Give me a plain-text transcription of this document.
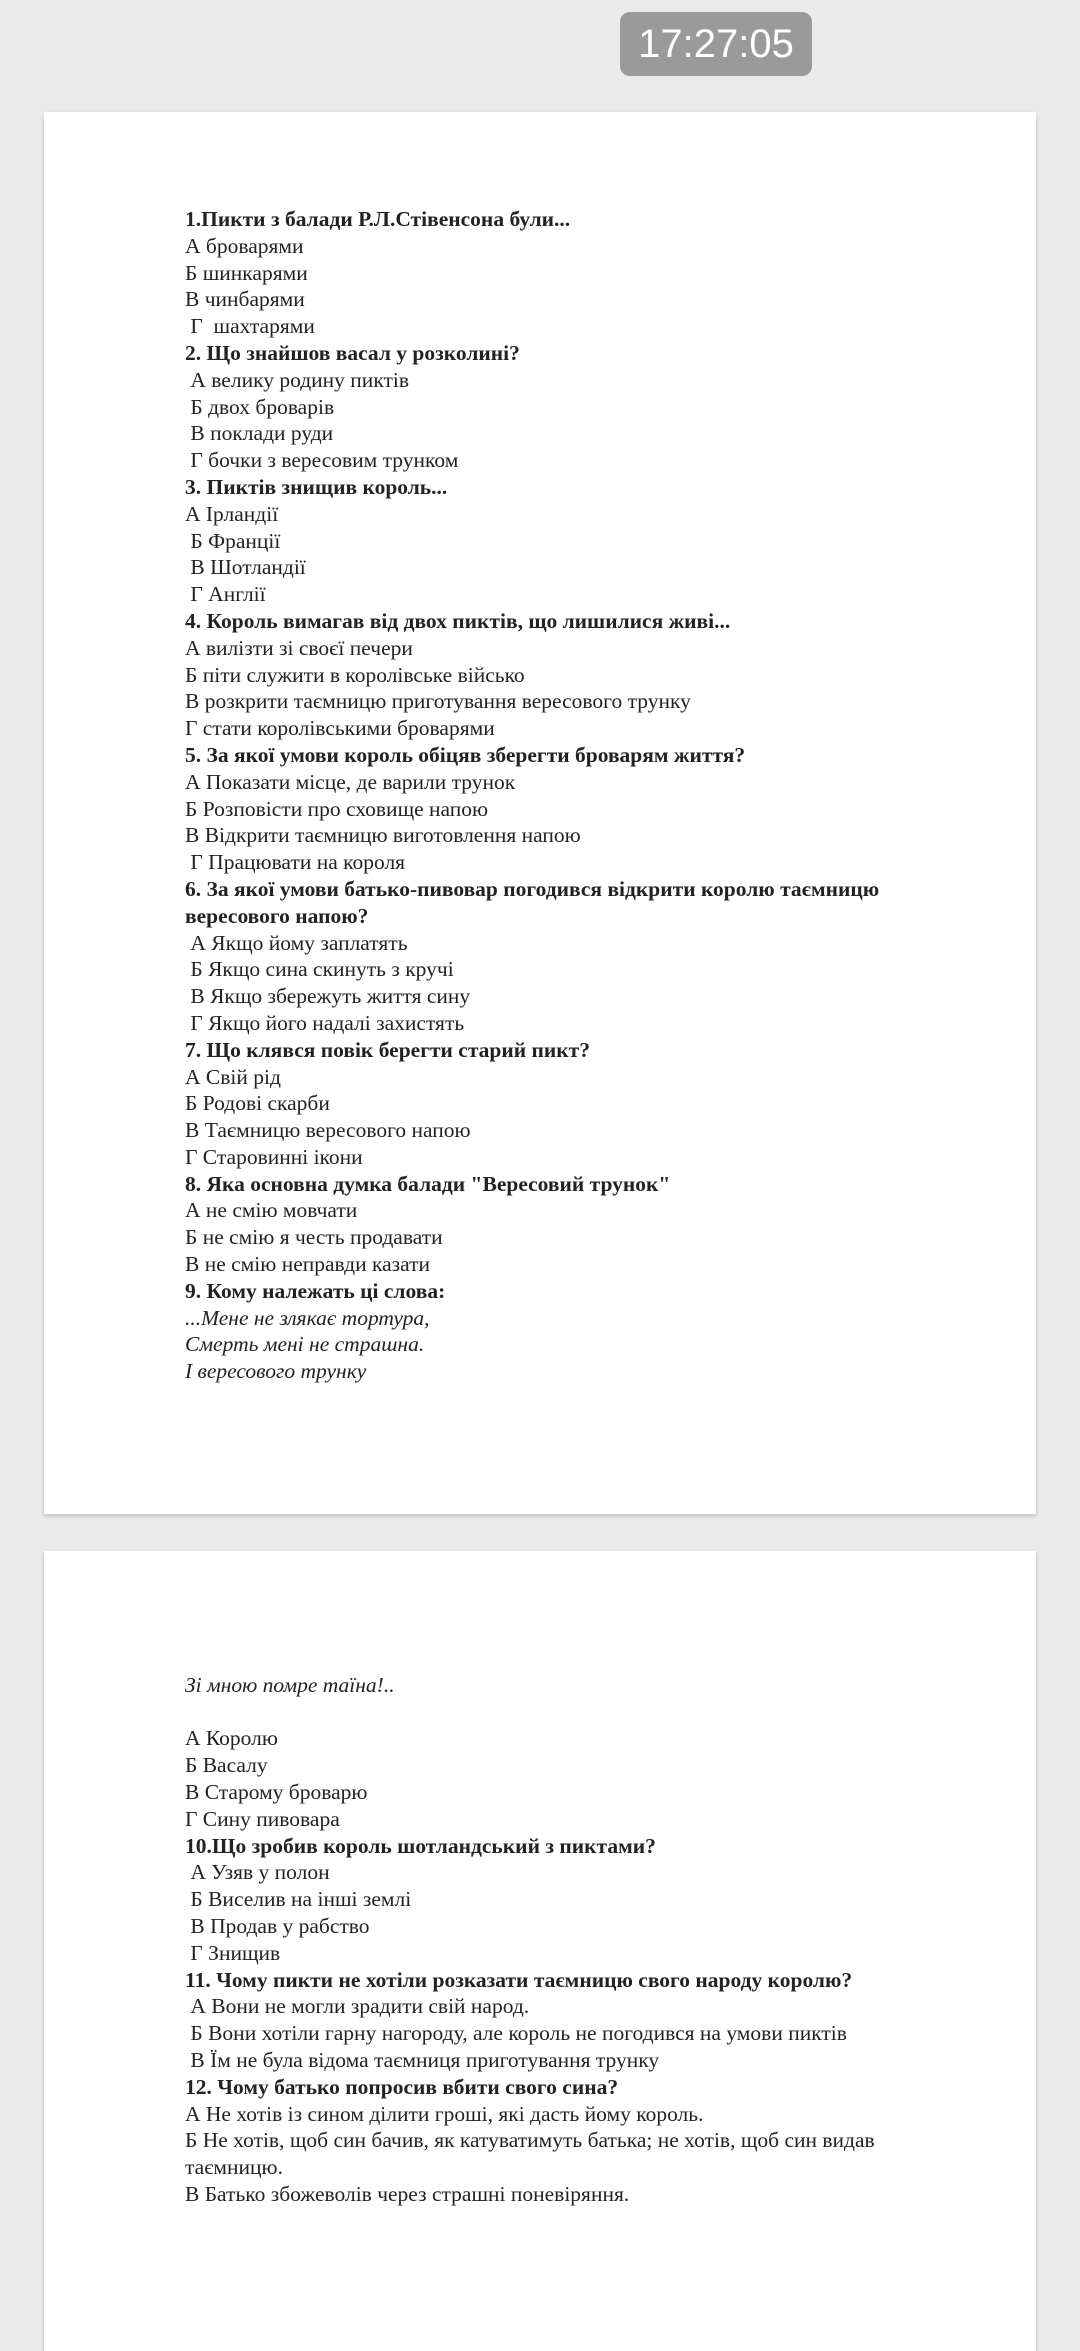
17:27:05
1.Пикти з балади Р.Л.Стівенсона були...
А броварями
Б шинкарями
В чинбарями
Г  шахтарями
2. Що знайшов васал у розколині?
А велику родину пиктів
Б двох броварів
В поклади руди
Г бочки з вересовим трунком
3. Пиктів знищив король...
А Ірландії
Б Франції
В Шотландії
Г Англії
4. Король вимагав від двох пиктів, що лишилися живі...
А вилізти зі своєї печери
Б піти служити в королівське військо
В розкрити таємницю приготування вересового трунку
Г стати королівськими броварями
5. За якої умови король обіцяв зберегти броварям життя?
А Показати місце, де варили трунок
Б Розповісти про сховище напою
В Відкрити таємницю виготовлення напою
Г Працювати на короля
6. За якої умови батько-пивовар погодився відкрити королю таємницю
вересового напою?
А Якщо йому заплатять
Б Якщо сина скинуть з кручі
В Якщо збережуть життя сину
Г Якщо його надалі захистять
7. Що клявся повік берегти старий пикт?
А Свій рід
Б Родові скарби
В Таємницю вересового напою
Г Старовинні ікони
8. Яка основна думка балади "Вересовий трунок"
А не смію мовчати
Б не смію я честь продавати
В не смію неправди казати
9. Кому належать ці слова:
...Мене не злякає тортура,
Смерть мені не страшна.
І вересового трунку
Зі мною помре таїна!..
А Королю
Б Васалу
В Старому броварю
Г Сину пивовара
10.Що зробив король шотландський з пиктами?
А Узяв у полон
Б Виселив на інші землі
В Продав у рабство
Г Знищив
11. Чому пикти не хотіли розказати таємницю свого народу королю?
А Вони не могли зрадити свій народ.
Б Вони хотіли гарну нагороду, але король не погодився на умови пиктів
В Їм не була відома таємниця приготування трунку
12. Чому батько попросив вбити свого сина?
А Не хотів із сином ділити гроші, які дасть йому король.
Б Не хотів, щоб син бачив, як катуватимуть батька; не хотів, щоб син видав
таємницю.
В Батько збожеволів через страшні поневіряння.
